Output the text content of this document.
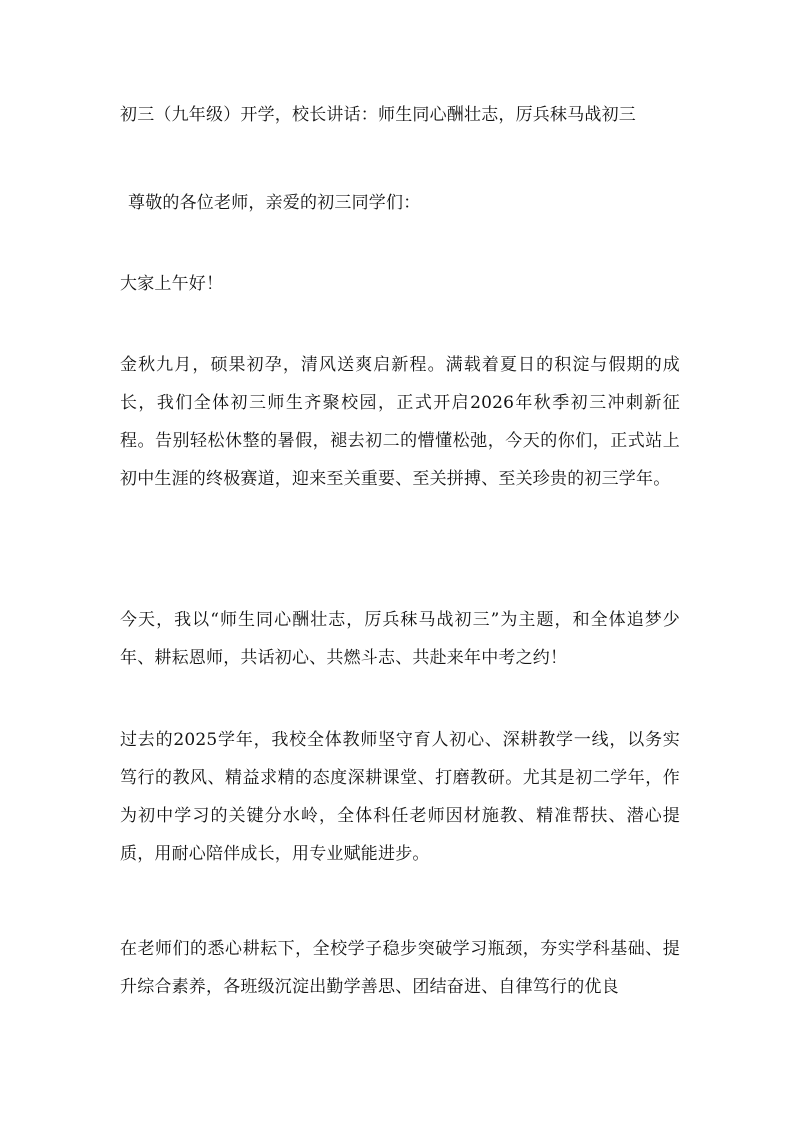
初三（九年级）开学，校长讲话：师生同心酬壮志，厉兵秣马战初三

尊敬的各位老师，亲爱的初三同学们：

大家上午好！

金秋九月，硕果初孕，清风送爽启新程。满载着夏日的积淀与假期的成长，我们全体初三师生齐聚校园，正式开启2026年秋季初三冲刺新征程。告别轻松休整的暑假，褪去初二的懵懂松弛，今天的你们，正式站上初中生涯的终极赛道，迎来至关重要、至关拼搏、至关珍贵的初三学年。

今天，我以“师生同心酬壮志，厉兵秣马战初三”为主题，和全体追梦少年、耕耘恩师，共话初心、共燃斗志、共赴来年中考之约！

过去的2025学年，我校全体教师坚守育人初心、深耕教学一线，以务实笃行的教风、精益求精的态度深耕课堂、打磨教研。尤其是初二学年，作为初中学习的关键分水岭，全体科任老师因材施教、精准帮扶、潜心提质，用耐心陪伴成长，用专业赋能进步。

在老师们的悉心耕耘下，全校学子稳步突破学习瓶颈，夯实学科基础、提升综合素养，各班级沉淀出勤学善思、团结奋进、自律笃行的优良
